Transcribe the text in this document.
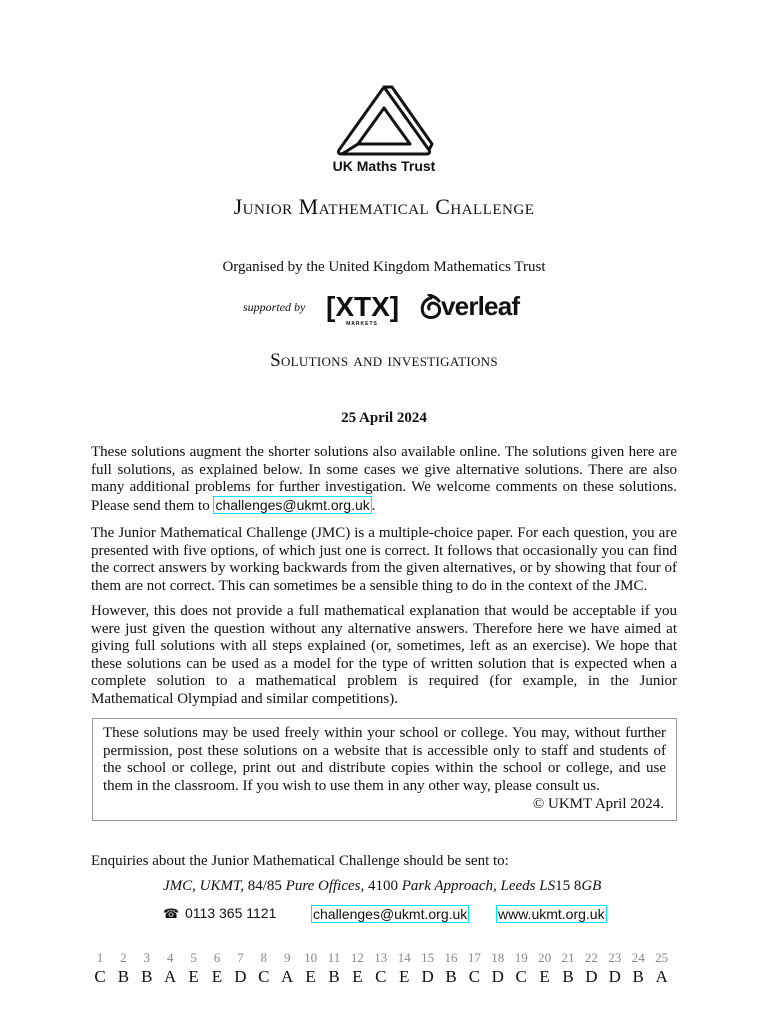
UK Maths Trust
Junior Mathematical Challenge
Organised by the United Kingdom Mathematics Trust
supported by [XTX]
MARKETS
verleaf
Solutions and investigations
25 April 2024

These solutions augment the shorter solutions also available online. The solutions given here are full solutions, as explained below. In some cases we give alternative solutions. There are also many additional problems for further investigation. We welcome comments on these solutions. Please send them to challenges@ukmt.org.uk .

The Junior Mathematical Challenge (JMC) is a multiple-choice paper. For each question, you are presented with five options, of which just one is correct. It follows that occasionally you can find the correct answers by working backwards from the given alternatives, or by showing that four of them are not correct. This can sometimes be a sensible thing to do in the context of the JMC.

However, this does not provide a full mathematical explanation that would be acceptable if you were just given the question without any alternative answers. Therefore here we have aimed at giving full solutions with all steps explained (or, sometimes, left as an exercise). We hope that these solutions can be used as a model for the type of written solution that is expected when a complete solution to a mathematical problem is required (for example, in the Junior Mathematical Olympiad and similar competitions).

These solutions may be used freely within your school or college. You may, without further permission, post these solutions on a website that is accessible only to staff and students of the school or college, print out and distribute copies within the school or college, and use them in the classroom. If you wish to use them in any other way, please consult us.

© UKMT April 2024.
Enquiries about the Junior Mathematical Challenge should be sent to:
JMC, UKMT, 84/85 Pure Offices, 4100 Park Approach, Leeds LS15 8GB
☎ 0113 365 1121	challenges@ukmt.org.uk www.ukmt.org.uk
1
C
2
B
3
B
4
A
5
E
6
E
7
D
8
C
9
A
10
E
11
B
12
E
13
C
14
E
15
D
16
B
17
C
18
D
19
C
20
E
21
B
22
D
23
D
24
B
25
A
